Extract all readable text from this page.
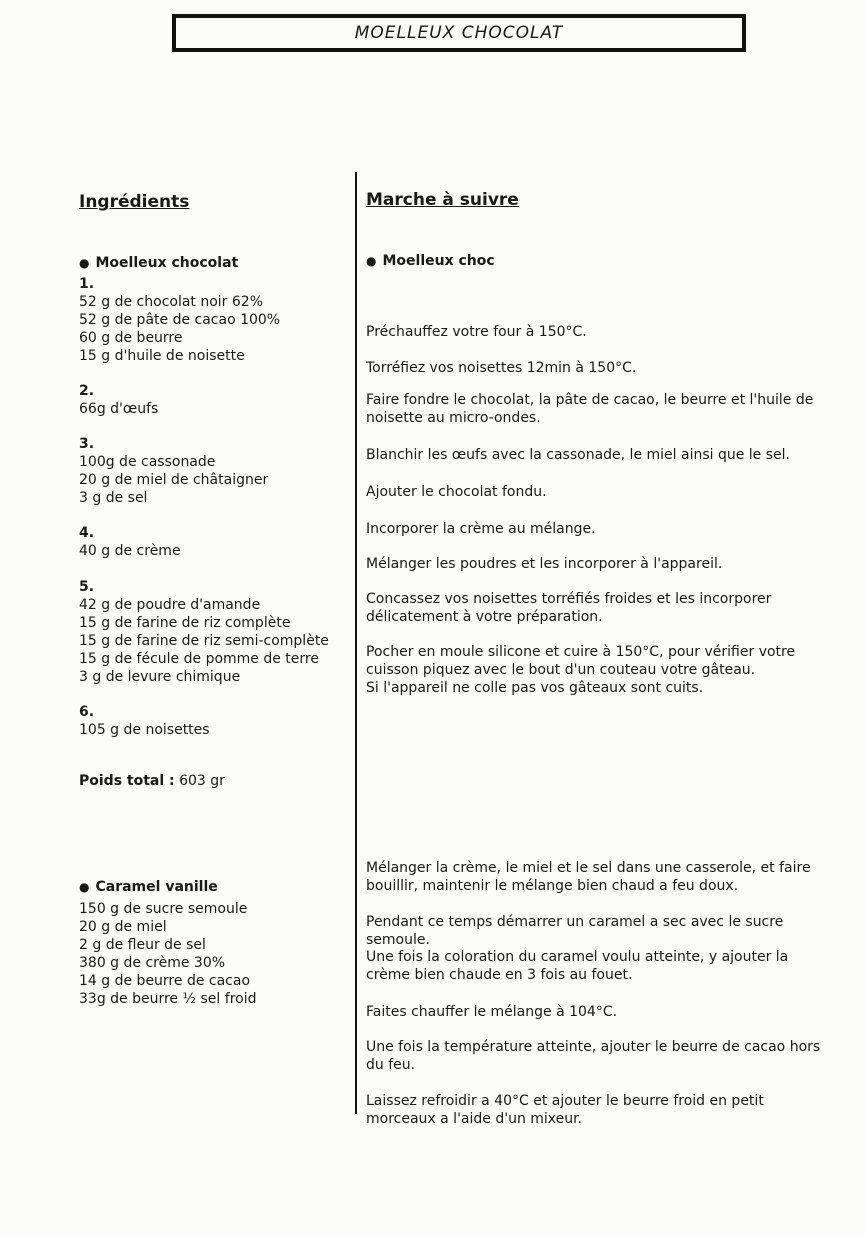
MOELLEUX CHOCOLAT

Ingrédients

● Moelleux chocolat

1.

52 g de chocolat noir 62%

52 g de pâte de cacao 100%

60 g de beurre

15 g d'huile de noisette

2.

66g d'œufs

3.

100g de cassonade

20 g de miel de châtaigner

3 g de sel

4.

40 g de crème

5.

42 g de poudre d'amande

15 g de farine de riz complète

15 g de farine de riz semi-complète

15 g de fécule de pomme de terre

3 g de levure chimique

6.

105 g de noisettes

Poids total : 603 gr

● Caramel vanille

150 g de sucre semoule

20 g de miel

2 g de fleur de sel

380 g de crème 30%

14 g de beurre de cacao

33g de beurre ½ sel froid

Marche à suivre

● Moelleux choc

Préchauffez votre four à 150°C.

Torréfiez vos noisettes 12min à 150°C.

Faire fondre le chocolat, la pâte de cacao, le beurre et l'huile de noisette au micro-ondes.

Blanchir les œufs avec la cassonade, le miel ainsi que le sel.

Ajouter le chocolat fondu.

Incorporer la crème au mélange.

Mélanger les poudres et les incorporer à l'appareil.

Concassez vos noisettes torréfiés froides et les incorporer délicatement à votre préparation.

Pocher en moule silicone et cuire à 150°C, pour vérifier votre cuisson piquez avec le bout d'un couteau votre gâteau.

Si l'appareil ne colle pas vos gâteaux sont cuits.

Mélanger la crème, le miel et le sel dans une casserole, et faire bouillir, maintenir le mélange bien chaud a feu doux.

Pendant ce temps démarrer un caramel a sec avec le sucre semoule.

Une fois la coloration du caramel voulu atteinte, y ajouter la crème bien chaude en 3 fois au fouet.

Faites chauffer le mélange à 104°C.

Une fois la température atteinte, ajouter le beurre de cacao hors du feu.

Laissez refroidir a 40°C et ajouter le beurre froid en petit morceaux a l'aide d'un mixeur.
